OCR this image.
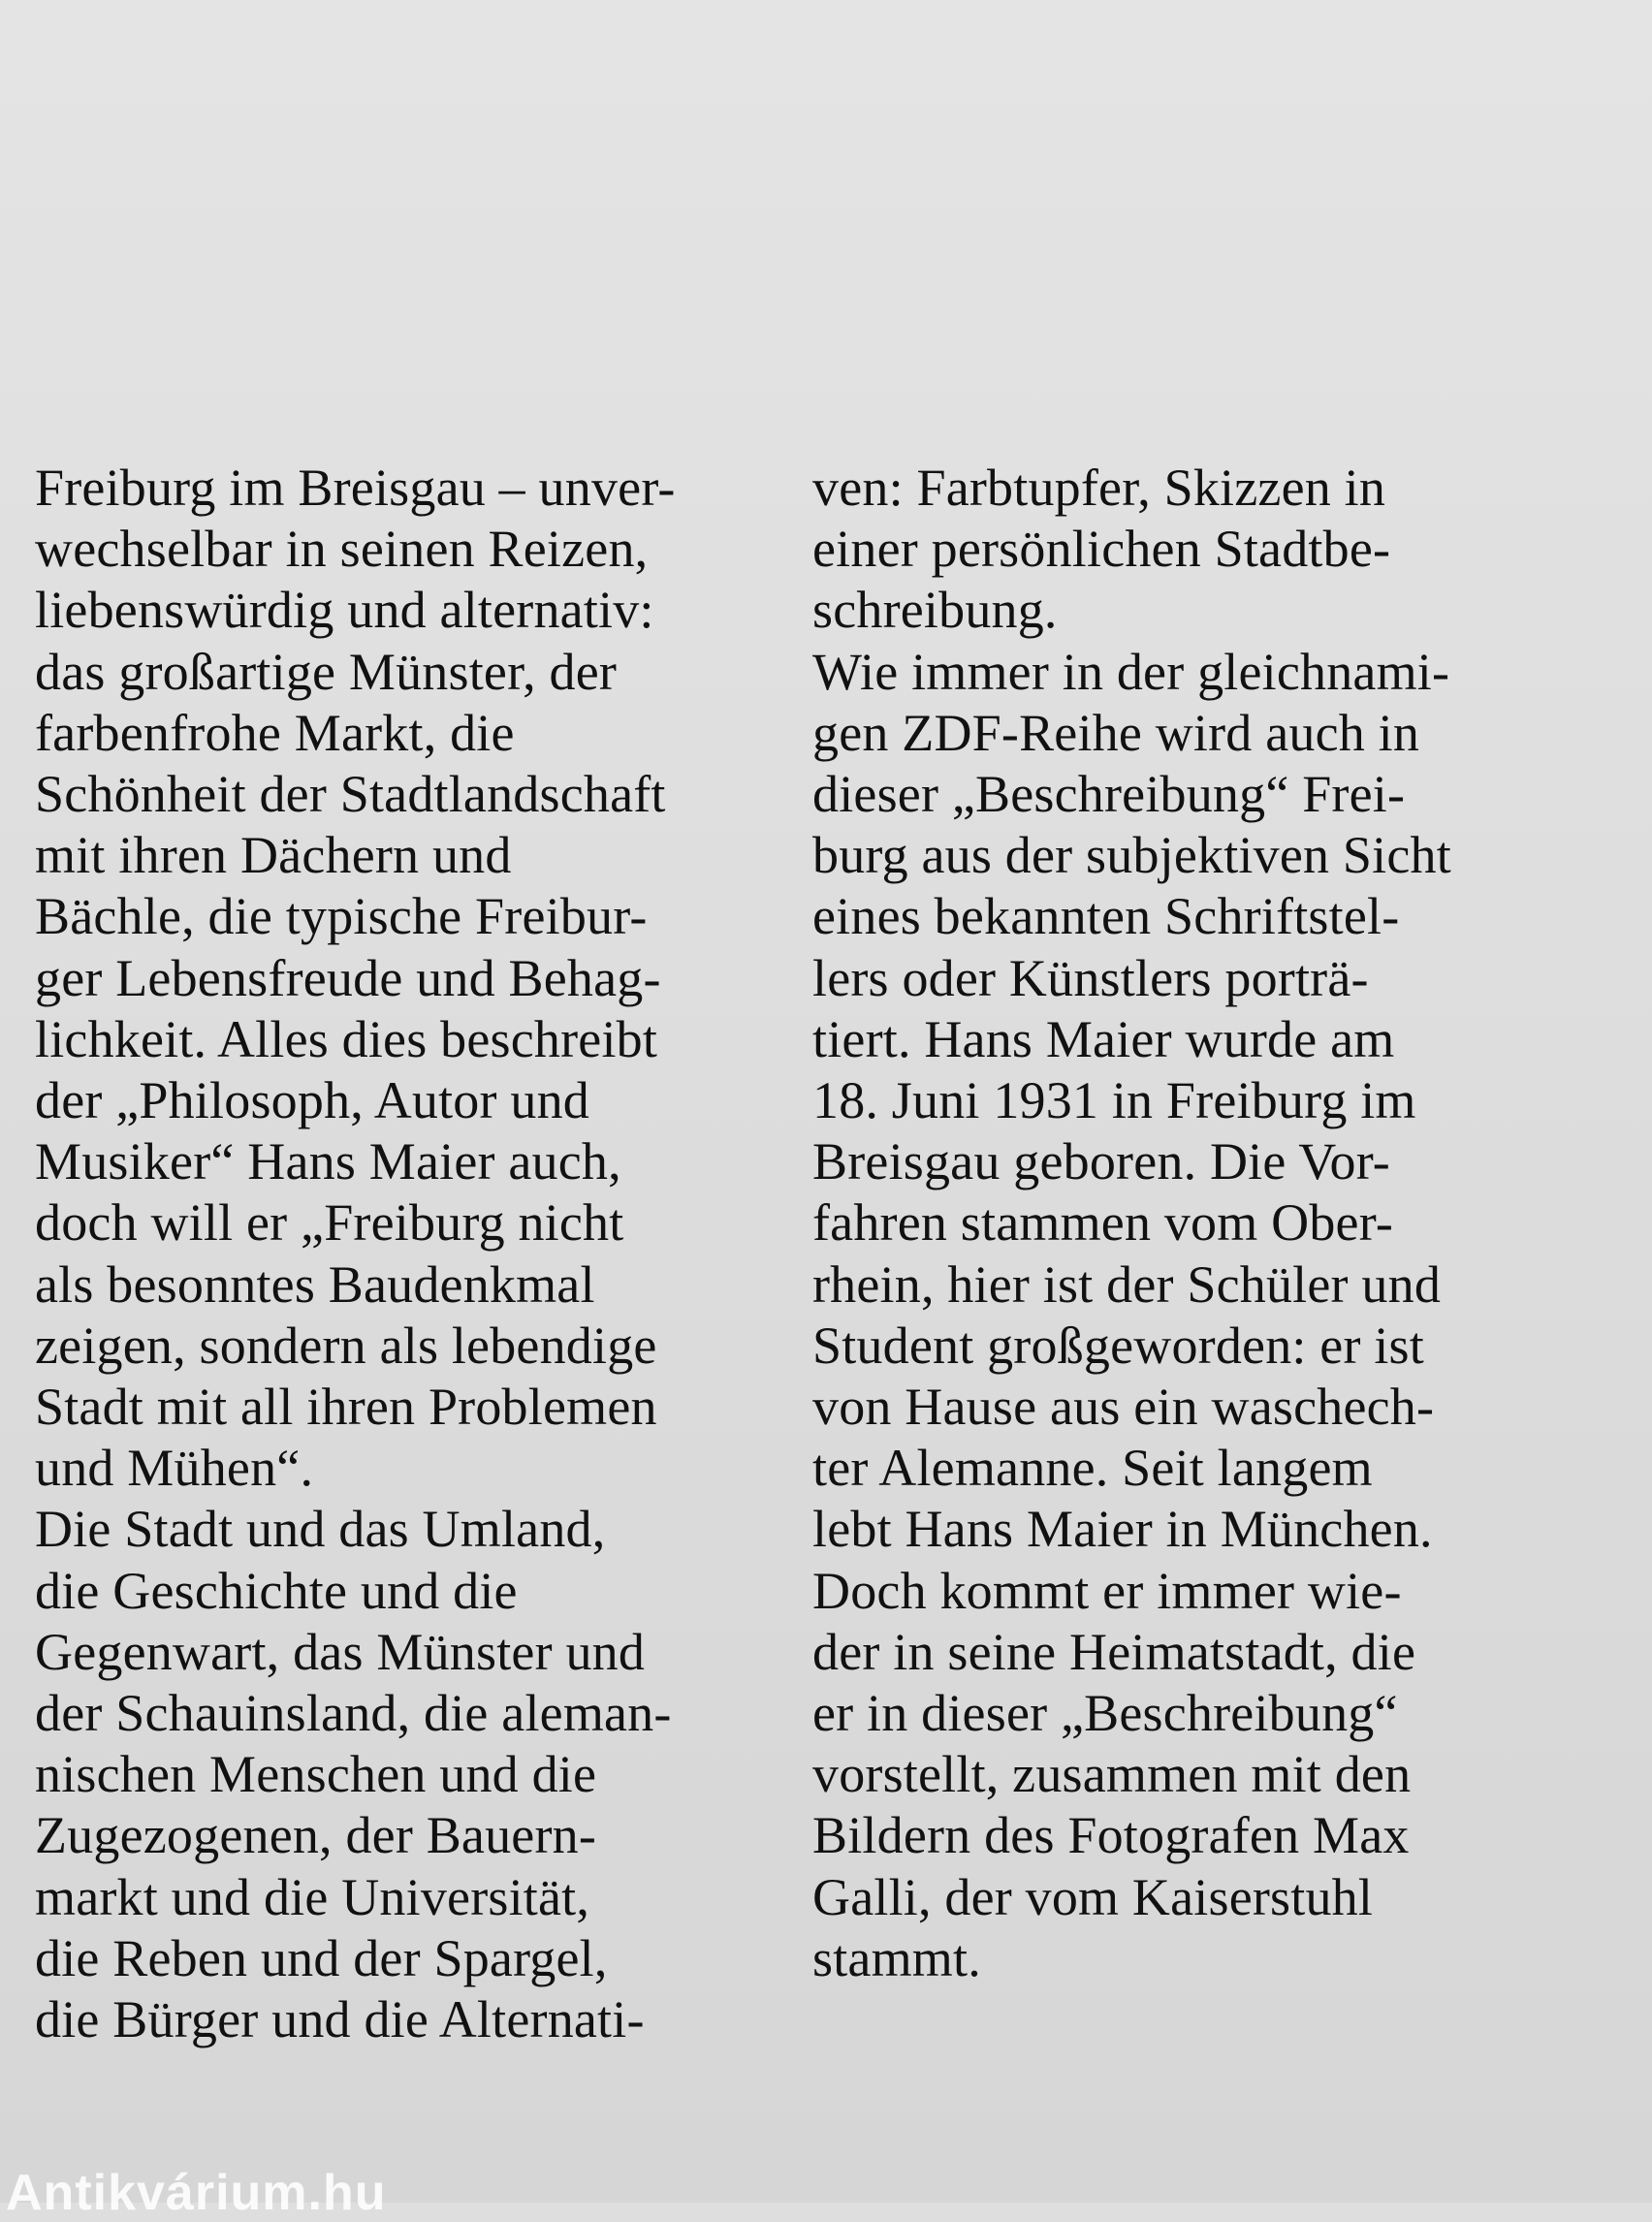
Freiburg im Breisgau – unver-
wechselbar in seinen Reizen,
liebenswürdig und alternativ:
das großartige Münster, der
farbenfrohe Markt, die
Schönheit der Stadtlandschaft
mit ihren Dächern und
Bächle, die typische Freibur-
ger Lebensfreude und Behag-
lichkeit. Alles dies beschreibt
der „Philosoph, Autor und
Musiker“ Hans Maier auch,
doch will er „Freiburg nicht
als besonntes Baudenkmal
zeigen, sondern als lebendige
Stadt mit all ihren Problemen
und Mühen“.
Die Stadt und das Umland,
die Geschichte und die
Gegenwart, das Münster und
der Schauinsland, die aleman-
nischen Menschen und die
Zugezogenen, der Bauern-
markt und die Universität,
die Reben und der Spargel,
die Bürger und die Alternati-
ven: Farbtupfer, Skizzen in
einer persönlichen Stadtbe-
schreibung.
Wie immer in der gleichnami-
gen ZDF-Reihe wird auch in
dieser „Beschreibung“ Frei-
burg aus der subjektiven Sicht
eines bekannten Schriftstel-
lers oder Künstlers porträ-
tiert. Hans Maier wurde am
18. Juni 1931 in Freiburg im
Breisgau geboren. Die Vor-
fahren stammen vom Ober-
rhein, hier ist der Schüler und
Student großgeworden: er ist
von Hause aus ein waschech-
ter Alemanne. Seit langem
lebt Hans Maier in München.
Doch kommt er immer wie-
der in seine Heimatstadt, die
er in dieser „Beschreibung“
vorstellt, zusammen mit den
Bildern des Fotografen Max
Galli, der vom Kaiserstuhl
stammt.
Antikvárium.hu
